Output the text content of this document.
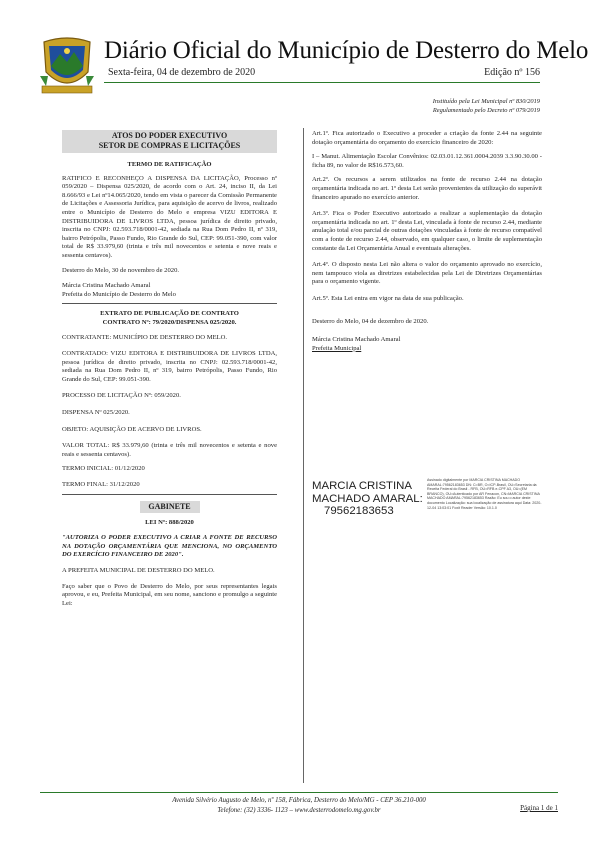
Diário Oficial do Município de Desterro do Melo
Sexta-feira, 04 de dezembro de 2020	Edição nº 156
Instituído pela Lei Municipal nº 830/2019
Regulamentado pelo Decreto nº 079/2019
ATOS DO PODER EXECUTIVO
SETOR DE COMPRAS E LICITAÇÕES

TERMO DE RATIFICAÇÃO

RATIFICO E RECONHEÇO A DISPENSA DA LICITAÇÃO, Processo nº 059/2020 – Dispensa 025/2020, de acordo com o Art. 24, inciso II, da Lei 8.666/93 e Lei nº14.065/2020, tendo em vista o parecer da Comissão Permanente de Licitações e Assessoria Jurídica, para aquisição de acervo de livros, realizado entre o Município de Desterro do Melo e empresa VIZU EDITORA E DISTRIBUIDORA DE LIVROS LTDA, pessoa jurídica de direito privado, inscrita no CNPJ: 02.593.718/0001-42, sediada na Rua Dom Pedro II, nº 319, bairro Petrópolis, Passo Fundo, Rio Grande do Sul, CEP: 99.051-390, com valor total de R$ 33.979,60 (trinta e três mil novecentos e setenta e nove reais e sessenta centavos).

Desterro do Melo, 30 de novembro de 2020.

Márcia Cristina Machado Amaral

Prefeita do Município de Desterro do Melo

EXTRATO DE PUBLICAÇÃO DE CONTRATO

CONTRATO Nº: 79/2020/DISPENSA 025/2020.

CONTRATANTE: MUNICÍPIO DE DESTERRO DO MELO.

CONTRATADO: VIZU EDITORA E DISTRIBUIDORA DE LIVROS LTDA, pessoa jurídica de direito privado, inscrita no CNPJ: 02.593.718/0001-42, sediada na Rua Dom Pedro II, nº 319, bairro Petrópolis, Passo Fundo, Rio Grande do Sul, CEP: 99.051-390.

PROCESSO DE LICITAÇÃO Nº: 059/2020.

DISPENSA Nº 025/2020.

OBJETO: AQUISIÇÃO DE ACERVO DE LIVROS.

VALOR TOTAL: R$ 33.979,60 (trinta e três mil novecentos e setenta e nove reais e sessenta centavos).

TERMO INICIAL: 01/12/2020

TERMO FINAL: 31/12/2020

GABINETE

LEI Nº: 888/2020

"AUTORIZA O PODER EXECUTIVO A CRIAR A FONTE DE RECURSO NA DOTAÇÃO ORÇAMENTÁRIA QUE MENCIONA, NO ORÇAMENTO DO EXERCÍCIO FINANCEIRO DE 2020".

A PREFEITA MUNICIPAL DE DESTERRO DO MELO.

Faço saber que o Povo de Desterro do Melo, por seus representantes legais aprovou, e eu, Prefeita Municipal, em seu nome, sanciono e promulgo a seguinte Lei:

Art.1º. Fica autorizado o Executivo a proceder a criação da fonte 2.44 na seguinte dotação orçamentária do orçamento do exercício financeiro de 2020:

I – Manut. Alimentação Escolar Convênios: 02.03.01.12.361.0004.2039 3.3.90.30.00 - ficha 89, no valor de R$16.573,60.

Art.2º. Os recursos a serem utilizados na fonte de recurso 2.44 na dotação orçamentária indicada no art. 1º desta Lei serão provenientes da utilização do superávit financeiro apurado no exercício anterior.

Art.3º. Fica o Poder Executivo autorizado a realizar a suplementação da dotação orçamentária indicada no art. 1º desta Lei, vinculada à fonte de recurso 2.44, mediante anulação total e/ou parcial de outras dotações vinculadas à fonte de recurso compatível com a fonte de recurso 2.44, observado, em qualquer caso, o limite de suplementação constante da Lei Orçamentária Anual e eventuais alterações.

Art.4º. O disposto nesta Lei não altera o valor do orçamento aprovado no exercício, nem tampouco viola as diretrizes estabelecidas pela Lei de Diretrizes Orçamentárias para o orçamento vigente.

Art.5º. Esta Lei entra em vigor na data de sua publicação.

Desterro do Melo, 04 de dezembro de 2020.

Márcia Cristina Machado Amaral

Prefeita Municipal

MARCIA CRISTINA
MACHADO AMARAL:
79562183653
Assinado digitalmente por MARCIA CRISTINA MACHADO AMARAL:79562183653 DN: C=BR, O=ICP-Brasil, OU=Secretaria da Receita Federal do Brasil - RFB, OU=RFB e-CPF A3, OU=(EM BRANCO), OU=Autenticado por AR Fenacon, CN=MARCIA CRISTINA MACHADO AMARAL:79562183653 Razão: Eu sou o autor deste documento Localização: sua localização de assinatura aqui Data: 2020-12-04 13:03:01 Foxit Reader Versão: 10.1.0
Avenida Silvério Augusto de Melo, nº 158, Fábrica, Desterro do Melo/MG - CEP 36.210-000
Telefone: (32) 3336- 1123 – www.desterrodomelo.mg.gov.br	Página 1 de 1
